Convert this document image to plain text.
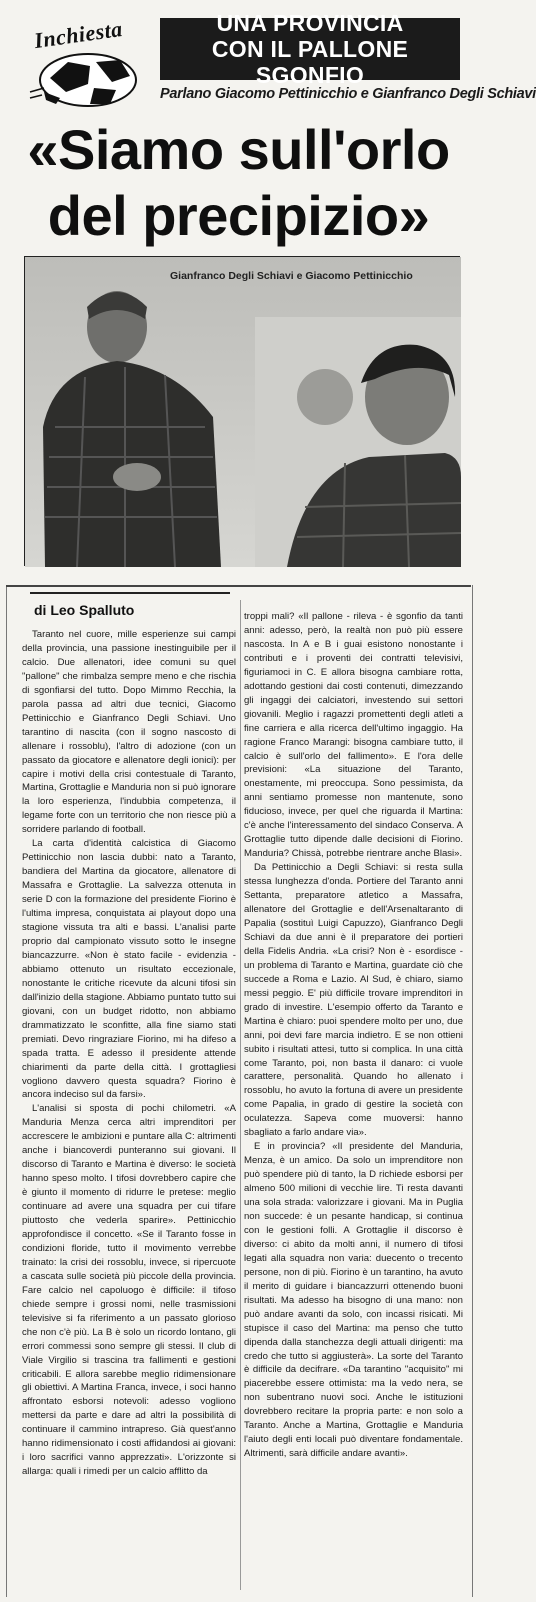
Inchiesta	UNA PROVINCIA
CON IL PALLONE SGONFIO
Parlano Giacomo Pettinicchio e Gianfranco Degli Schiavi
«Siamo sull'orlo
del precipizio»
Gianfranco Degli Schiavi e Giacomo Pettinicchio
di Leo Spalluto

Taranto nel cuore, mille esperienze sui campi della provincia, una passione inestinguibile per il calcio. Due allenatori, idee comuni su quel "pallone" che rimbalza sempre meno e che rischia di sgonfiarsi del tutto. Dopo Mimmo Recchia, la parola passa ad altri due tecnici, Giacomo Pettinicchio e Gianfranco Degli Schiavi. Uno tarantino di nascita (con il sogno nascosto di allenare i rossoblu), l'altro di adozione (con un passato da giocatore e allenatore degli ionici): per capire i motivi della crisi contestuale di Taranto, Martina, Grottaglie e Manduria non si può ignorare la loro esperienza, l'indubbia competenza, il legame forte con un territorio che non riesce più a sorridere parlando di football.

La carta d'identità calcistica di Giacomo Pettinicchio non lascia dubbi: nato a Taranto, bandiera del Martina da giocatore, allenatore di Massafra e Grottaglie. La salvezza ottenuta in serie D con la formazione del presidente Fiorino è l'ultima impresa, conquistata ai playout dopo una stagione vissuta tra alti e bassi. L'analisi parte proprio dal campionato vissuto sotto le insegne biancazzurre. «Non è stato facile - evidenzia - abbiamo ottenuto un risultato eccezionale, nonostante le critiche ricevute da alcuni tifosi sin dall'inizio della stagione. Abbiamo puntato tutto sui giovani, con un budget ridotto, non abbiamo drammatizzato le sconfitte, alla fine siamo stati premiati. Devo ringraziare Fiorino, mi ha difeso a spada tratta. E adesso il presidente attende chiarimenti da parte della città. I grottagliesi vogliono davvero questa squadra? Fiorino è ancora indeciso sul da farsi».

L'analisi si sposta di pochi chilometri. «A Manduria Menza cerca altri imprenditori per accrescere le ambizioni e puntare alla C: altrimenti anche i biancoverdi punteranno sui giovani. Il discorso di Taranto e Martina è diverso: le società hanno speso molto. I tifosi dovrebbero capire che è giunto il momento di ridurre le pretese: meglio continuare ad avere una squadra per cui tifare piuttosto che vederla sparire». Pettinicchio approfondisce il concetto. «Se il Taranto fosse in condizioni floride, tutto il movimento verrebbe trainato: la crisi dei rossoblu, invece, si ripercuote a cascata sulle società più piccole della provincia. Fare calcio nel capoluogo è difficile: il tifoso chiede sempre i grossi nomi, nelle trasmissioni televisive si fa riferimento a un passato glorioso che non c'è più. La B è solo un ricordo lontano, gli errori commessi sono sempre gli stessi. Il club di Viale Virgilio si trascina tra fallimenti e gestioni criticabili. E allora sarebbe meglio ridimensionare gli obiettivi. A Martina Franca, invece, i soci hanno affrontato esborsi notevoli: adesso vogliono mettersi da parte e dare ad altri la possibilità di continuare il cammino intrapreso. Già quest'anno hanno ridimensionato i costi affidandosi ai giovani: i loro sacrifici vanno apprezzati». L'orizzonte si allarga: quali i rimedi per un calcio afflitto da

troppi mali? «Il pallone - rileva - è sgonfio da tanti anni: adesso, però, la realtà non può più essere nascosta. In A e B i guai esistono nonostante i contributi e i proventi dei contratti televisivi, figuriamoci in C. E allora bisogna cambiare rotta, adottando gestioni dai costi contenuti, dimezzando gli ingaggi dei calciatori, investendo sui settori giovanili. Meglio i ragazzi promettenti degli atleti a fine carriera e alla ricerca dell'ultimo ingaggio. Ha ragione Franco Marangi: bisogna cambiare tutto, il calcio è sull'orlo del fallimento». E l'ora delle previsioni: «La situazione del Taranto, onestamente, mi preoccupa. Sono pessimista, da anni sentiamo promesse non mantenute, sono fiducioso, invece, per quel che riguarda il Martina: c'è anche l'interessamento del sindaco Conserva. A Grottaglie tutto dipende dalle decisioni di Fiorino. Manduria? Chissà, potrebbe rientrare anche Blasi».

Da Pettinicchio a Degli Schiavi: si resta sulla stessa lunghezza d'onda. Portiere del Taranto anni Settanta, preparatore atletico a Massafra, allenatore del Grottaglie e dell'Arsenaltaranto di Papalia (sostituì Luigi Capuzzo), Gianfranco Degli Schiavi da due anni è il preparatore dei portieri della Fidelis Andria. «La crisi? Non è - esordisce - un problema di Taranto e Martina, guardate ciò che succede a Roma e Lazio. Al Sud, è chiaro, siamo messi peggio. E' più difficile trovare imprenditori in grado di investire. L'esempio offerto da Taranto e Martina è chiaro: puoi spendere molto per uno, due anni, poi devi fare marcia indietro. E se non ottieni subito i risultati attesi, tutto si complica. In una città come Taranto, poi, non basta il danaro: ci vuole carattere, personalità. Quando ho allenato i rossoblu, ho avuto la fortuna di avere un presidente come Papalia, in grado di gestire la società con oculatezza. Sapeva come muoversi: hanno sbagliato a farlo andare via».

E in provincia? «Il presidente del Manduria, Menza, è un amico. Da solo un imprenditore non può spendere più di tanto, la D richiede esborsi per almeno 500 milioni di vecchie lire. Ti resta davanti una sola strada: valorizzare i giovani. Ma in Puglia non succede: è un pesante handicap, si continua con le gestioni folli. A Grottaglie il discorso è diverso: ci abito da molti anni, il numero di tifosi legati alla squadra non varia: duecento o trecento persone, non di più. Fiorino è un tarantino, ha avuto il merito di guidare i biancazzurri ottenendo buoni risultati. Ma adesso ha bisogno di una mano: non può andare avanti da solo, con incassi risicati. Mi stupisce il caso del Martina: ma penso che tutto dipenda dalla stanchezza degli attuali dirigenti: ma credo che tutto si aggiusterà». La sorte del Taranto è difficile da decifrare. «Da tarantino "acquisito" mi piacerebbe essere ottimista: ma la vedo nera, se non subentrano nuovi soci. Anche le istituzioni dovrebbero recitare la propria parte: e non solo a Taranto. Anche a Martina, Grottaglie e Manduria l'aiuto degli enti locali può diventare fondamentale. Altrimenti, sarà difficile andare avanti».
